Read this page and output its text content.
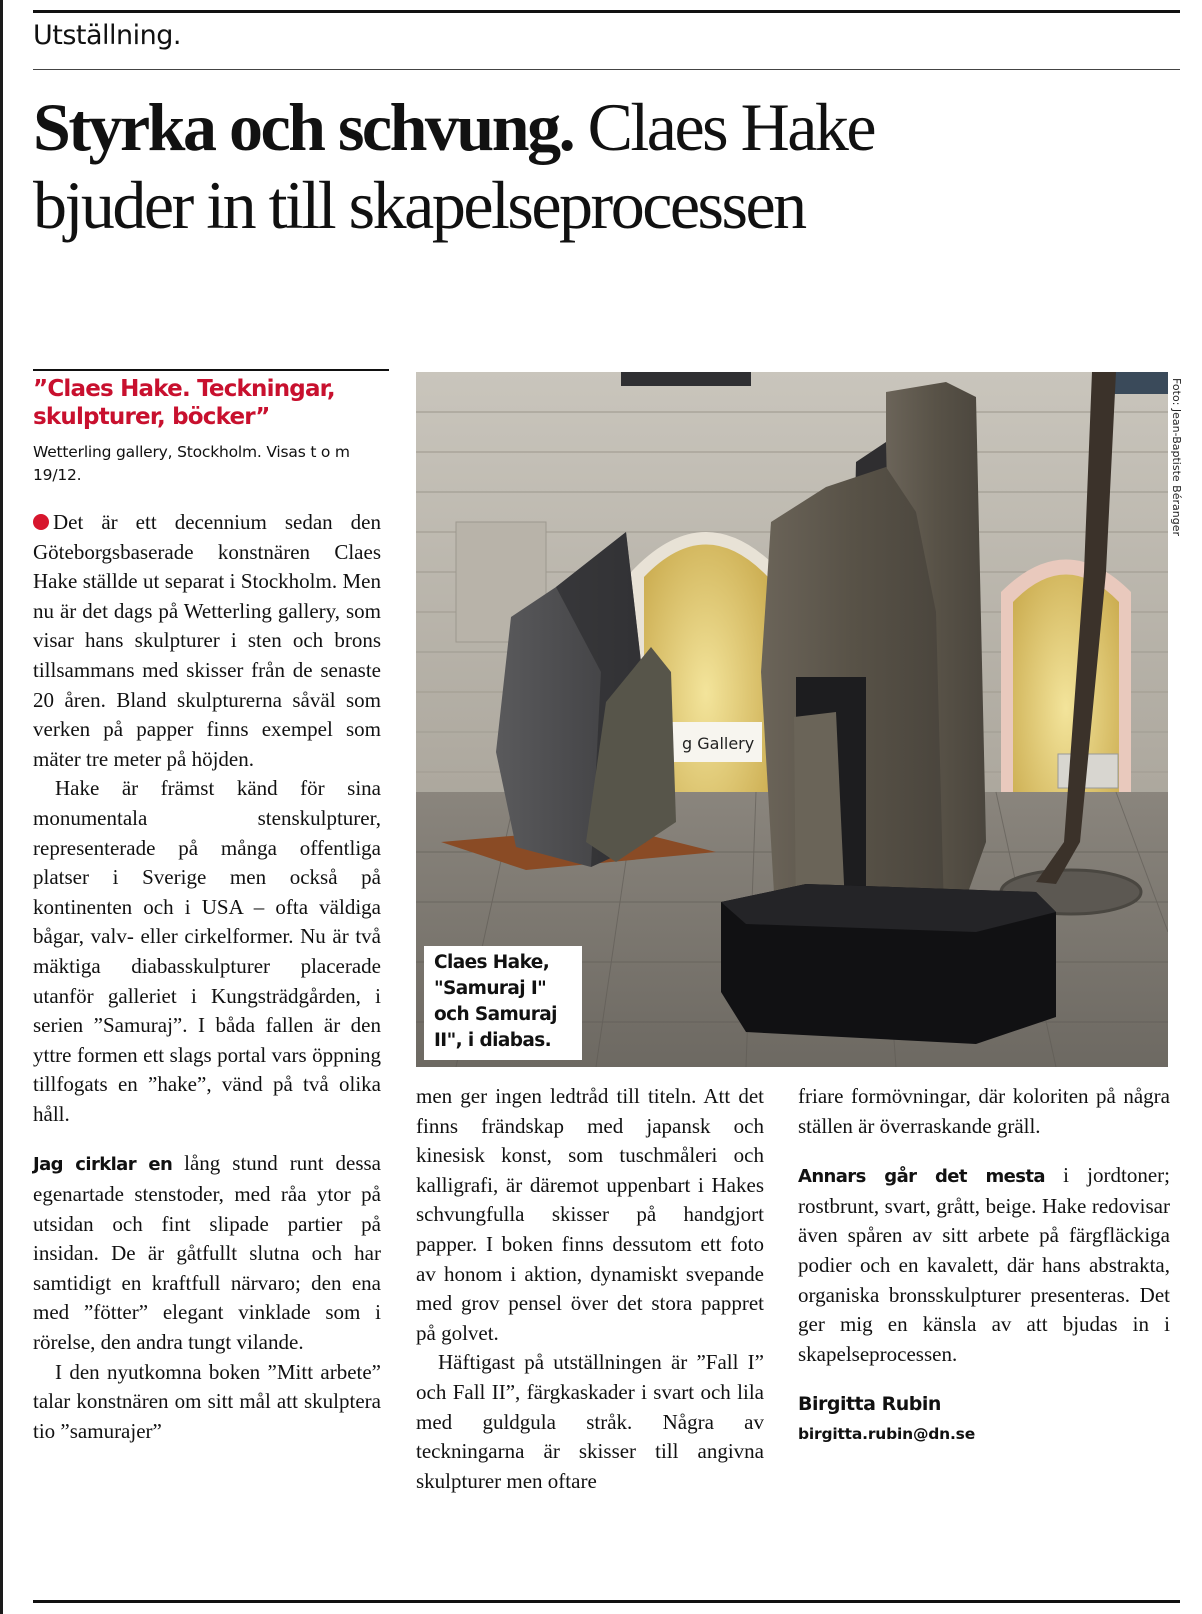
Utställning.
Styrka och schvung. Claes Hake
bjuder in till skapelseprocessen
”Claes Hake. Teckningar,
skulpturer, böcker”
Wetterling gallery, Stockholm. Visas t o m
19/12.

Det är ett decennium sedan den Göteborgsbaserade konstnären Claes Hake ställde ut separat i Stockholm. Men nu är det dags på Wetterling gallery, som visar hans skulpturer i sten och brons tillsammans med skisser från de senaste 20 åren. Bland skulpturerna såväl som verken på papper finns exempel som mäter tre meter på höjden.

Hake är främst känd för sina monumentala stenskulpturer, representerade på många offentliga platser i Sverige men också på kontinenten och i USA – ofta väldiga bågar, valv- eller cirkelformer. Nu är två mäktiga diabasskulpturer placerade utanför galleriet i Kungsträdgården, i serien ”Samuraj”. I båda fallen är den yttre formen ett slags portal vars öppning tillfogats en ”hake”, vänd på två olika håll.

Jag cirklar en lång stund runt dessa egenartade stenstoder, med råa ytor på utsidan och fint slipade partier på insidan. De är gåtfullt slutna och har samtidigt en kraftfull närvaro; den ena med ”fötter” elegant vinklade som i rörelse, den andra tungt vilande.

I den nyutkomna boken ”Mitt arbete” talar konstnären om sitt mål att skulptera tio ”samurajer”

g Gallery
Foto: Jean-Baptiste Béranger
Claes Hake,
"Samuraj I"
och Samuraj
II", i diabas.

men ger ingen ledtråd till titeln. Att det finns frändskap med japansk och kinesisk konst, som tuschmåleri och kalligrafi, är däremot uppenbart i Hakes schvungfulla skisser på handgjort papper. I boken finns dessutom ett foto av honom i aktion, dynamiskt svepande med grov pensel över det stora pappret på golvet.

Häftigast på utställningen är ”Fall I” och Fall II”, färgkaskader i svart och lila med guldgula stråk. Några av teckningarna är skisser till angivna skulpturer men oftare

friare formövningar, där koloriten på några ställen är överraskande gräll.

Annars går det mesta i jordtoner; rostbrunt, svart, grått, beige. Hake redovisar även spåren av sitt arbete på färgfläckiga podier och en kavalett, där hans abstrakta, organiska bronsskulpturer presenteras. Det ger mig en känsla av att bjudas in i skapelseprocessen.

Birgitta Rubin
birgitta.rubin@dn.se
